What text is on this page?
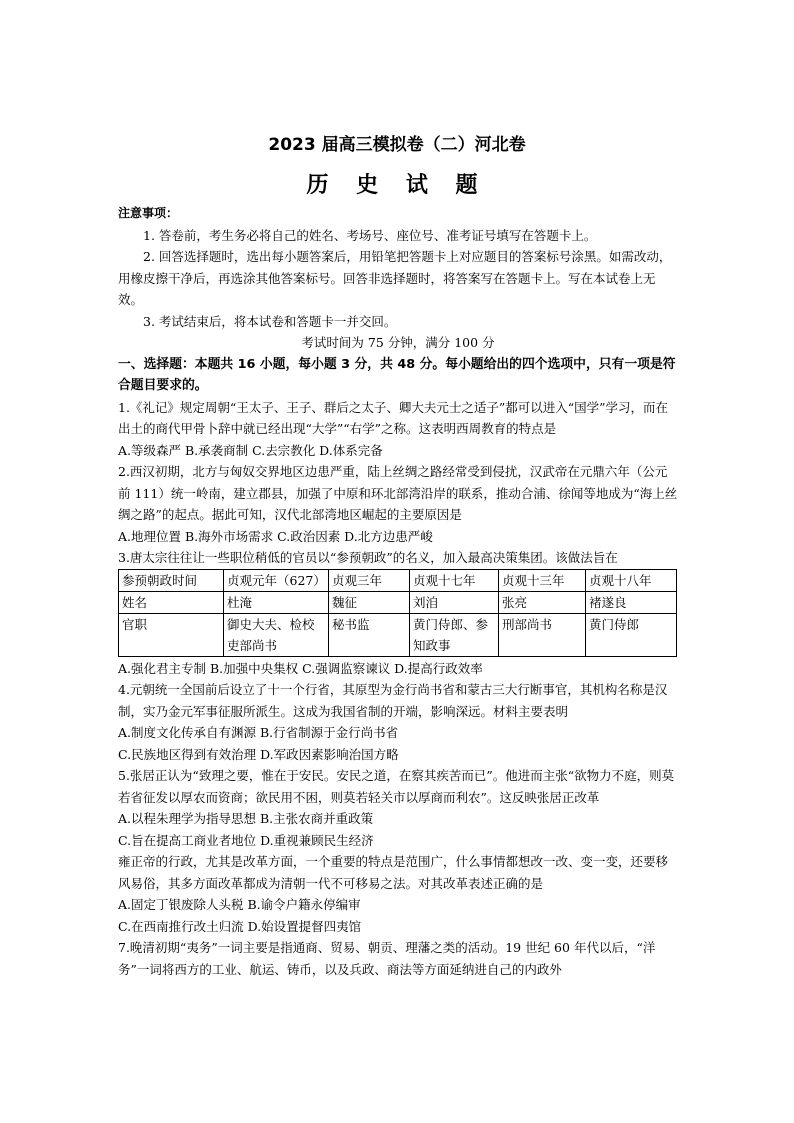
2023 届高三模拟卷（二）河北卷
历 史 试 题
注意事项：

1. 答卷前，考生务必将自己的姓名、考场号、座位号、准考证号填写在答题卡上。

2. 回答选择题时，选出每小题答案后，用铅笔把答题卡上对应题目的答案标号涂黑。如需改动，用橡皮擦干净后，再选涂其他答案标号。回答非选择题时，将答案写在答题卡上。写在本试卷上无效。

3. 考试结束后，将本试卷和答题卡一并交回。

考试时间为 75 分钟，满分 100 分

一、选择题：本题共 16 小题，每小题 3 分，共 48 分。每小题给出的四个选项中，只有一项是符合题目要求的。

1.《礼记》规定周朝“王太子、王子、群后之太子、卿大夫元士之适子”都可以进入“国学”学习，而在出土的商代甲骨卜辞中就已经出现“大学”“右学”之称。这表明西周教育的特点是

A.等级森严 B.承袭商制 C.去宗教化 D.体系完备

2.西汉初期，北方与匈奴交界地区边患严重，陆上丝绸之路经常受到侵扰，汉武帝在元鼎六年（公元前 111）统一岭南，建立郡县，加强了中原和环北部湾沿岸的联系，推动合浦、徐闻等地成为“海上丝绸之路”的起点。据此可知，汉代北部湾地区崛起的主要原因是

A.地理位置 B.海外市场需求 C.政治因素 D.北方边患严峻

3.唐太宗往往让一些职位稍低的官员以“参预朝政”的名义，加入最高决策集团。该做法旨在

参预朝政时间	贞观元年（627）	贞观三年	贞观十七年	贞观十三年	贞观十八年
姓名	杜淹	魏征	刘洎	张亮	褚遂良
官职	御史大夫、检校吏部尚书	秘书监	黄门侍郎、参知政事	刑部尚书	黄门侍郎

A.强化君主专制 B.加强中央集权 C.强调监察谏议 D.提高行政效率

4.元朝统一全国前后设立了十一个行省，其原型为金行尚书省和蒙古三大行断事官，其机构名称是汉制，实乃金元军事征服所派生。这成为我国省制的开端，影响深远。材料主要表明

A.制度文化传承自有渊源 B.行省制源于金行尚书省

C.民族地区得到有效治理 D.军政因素影响治国方略

5.张居正认为“致理之要，惟在于安民。安民之道，在察其疾苦而已”。他进而主张“欲物力不庭，则莫若省征发以厚农而资商；欲民用不困，则莫若轻关市以厚商而利农”。这反映张居正改革

A.以程朱理学为指导思想 B.主张农商并重政策

C.旨在提高工商业者地位 D.重视兼顾民生经济

雍正帝的行政，尤其是改革方面，一个重要的特点是范围广，什么事情都想改一改、变一变，还要移风易俗，其多方面改革都成为清朝一代不可移易之法。对其改革表述正确的是

A.固定丁银废除人头税 B.谕令户籍永停编审

C.在西南推行改土归流 D.始设置提督四夷馆

7.晚清初期“夷务”一词主要是指通商、贸易、朝贡、理藩之类的活动。19 世纪 60 年代以后，“洋务”一词将西方的工业、航运、铸币，以及兵政、商法等方面延纳进自己的内政外
